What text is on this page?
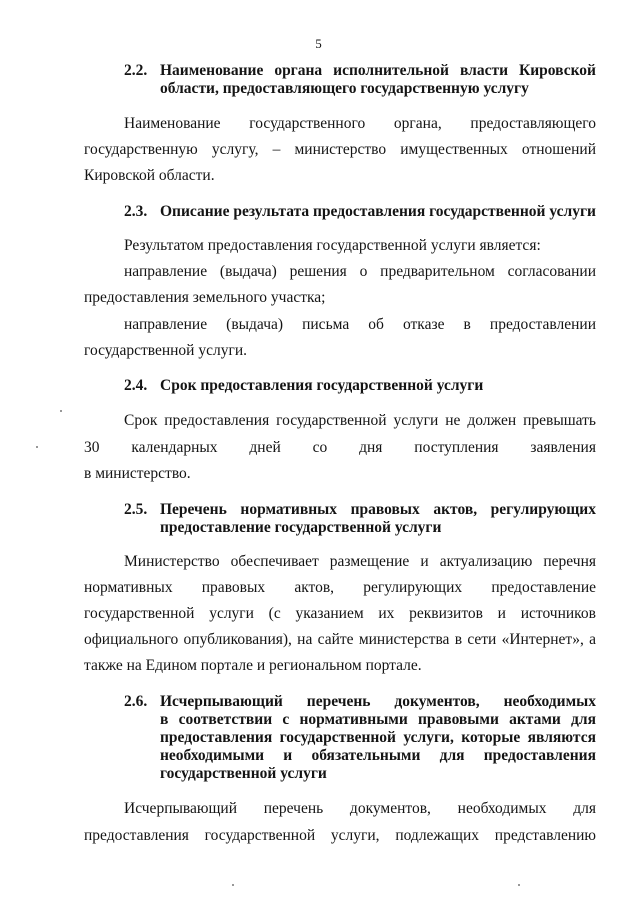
5
2.2. Наименование органа исполнительной власти Кировской
области, предоставляющего государственную услугу
Наименование государственного органа, предоставляющего
государственную услугу, – министерство имущественных отношений
Кировской области.
2.3. Описание результата предоставления государственной услуги
Результатом предоставления государственной услуги является:
направление (выдача) решения о предварительном согласовании
предоставления земельного участка;
направление (выдача) письма об отказе в предоставлении
государственной услуги.
2.4. Срок предоставления государственной услуги
Срок предоставления государственной услуги не должен превышать
30 календарных дней со дня поступления заявления
в министерство.
2.5. Перечень нормативных правовых актов, регулирующих
предоставление государственной услуги
Министерство обеспечивает размещение и актуализацию перечня
нормативных правовых актов, регулирующих предоставление
государственной услуги (с указанием их реквизитов и источников
официального опубликования), на сайте министерства в сети «Интернет», а
также на Едином портале и региональном портале.
2.6. Исчерпывающий перечень документов, необходимых
в соответствии с нормативными правовыми актами для
предоставления государственной услуги, которые являются
необходимыми и обязательными для предоставления
государственной услуги
Исчерпывающий перечень документов, необходимых для
предоставления государственной услуги, подлежащих представлению
